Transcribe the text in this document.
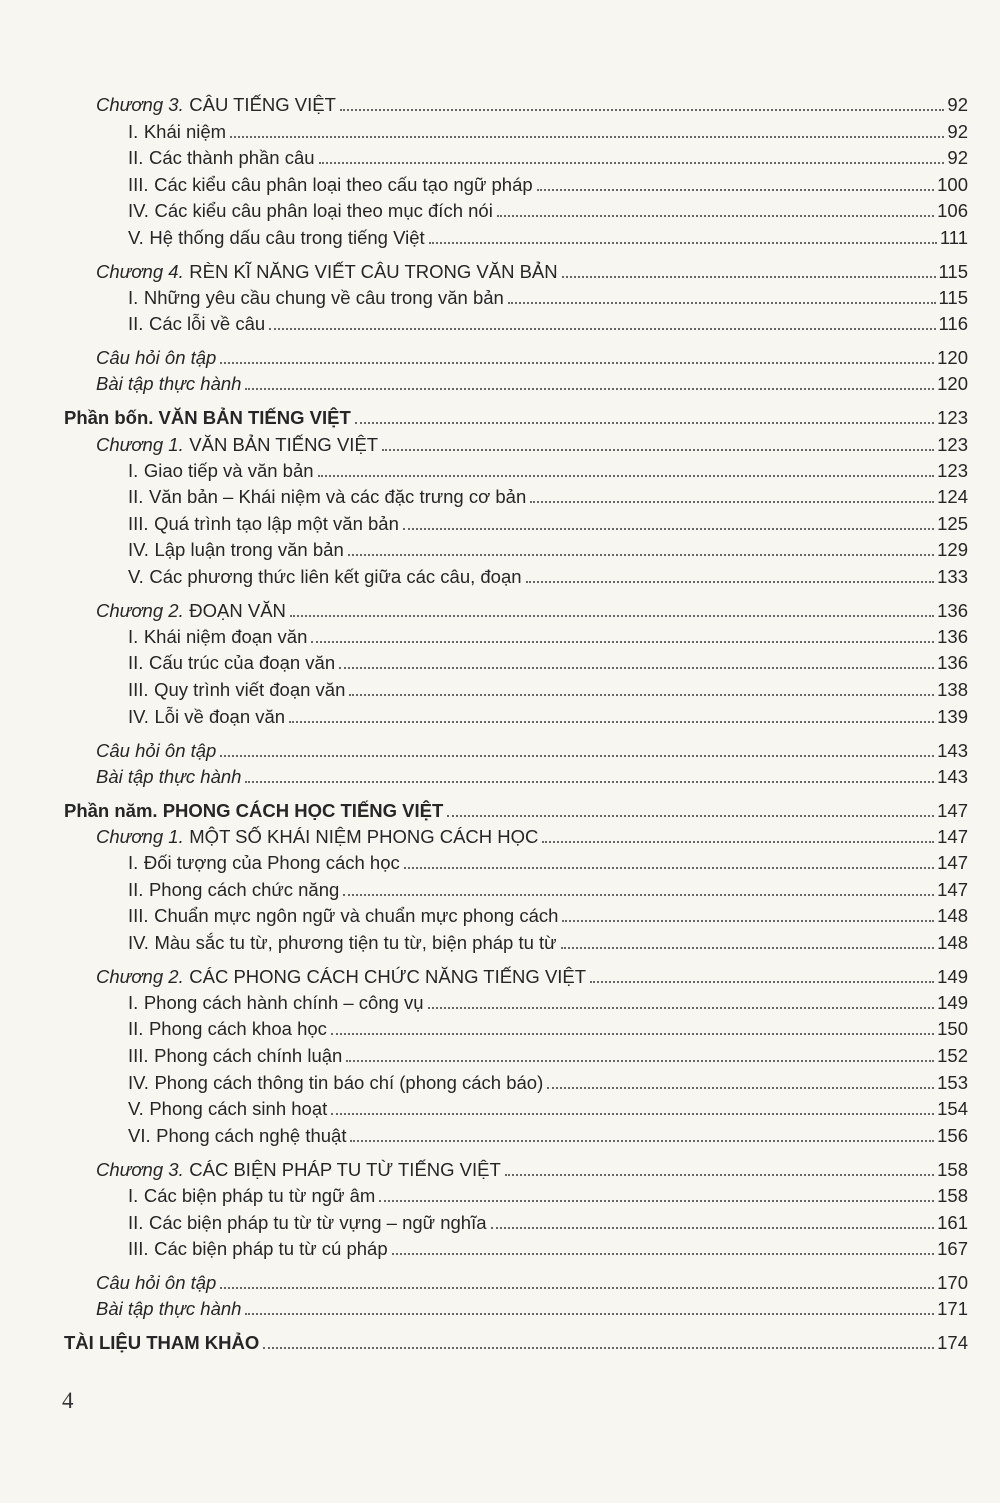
Chương 3. CÂU TIẾNG VIỆT	92
I. Khái niệm	92
II. Các thành phần câu	92
III. Các kiểu câu phân loại theo cấu tạo ngữ pháp	100
IV. Các kiểu câu phân loại theo mục đích nói	106
V. Hệ thống dấu câu trong tiếng Việt	111
Chương 4. RÈN KĨ NĂNG VIẾT CÂU TRONG VĂN BẢN	115
I. Những yêu cầu chung về câu trong văn bản	115
II. Các lỗi về câu	116
Câu hỏi ôn tập	120
Bài tập thực hành	120
Phần bốn. VĂN BẢN TIẾNG VIỆT	123
Chương 1. VĂN BẢN TIẾNG VIỆT	123
I. Giao tiếp và văn bản	123
II. Văn bản – Khái niệm và các đặc trưng cơ bản	124
III. Quá trình tạo lập một văn bản	125
IV. Lập luận trong văn bản	129
V. Các phương thức liên kết giữa các câu, đoạn	133
Chương 2. ĐOẠN VĂN	136
I. Khái niệm đoạn văn	136
II. Cấu trúc của đoạn văn	136
III. Quy trình viết đoạn văn	138
IV. Lỗi về đoạn văn	139
Câu hỏi ôn tập	143
Bài tập thực hành	143
Phần năm. PHONG CÁCH HỌC TIẾNG VIỆT	147
Chương 1. MỘT SỐ KHÁI NIỆM PHONG CÁCH HỌC	147
I. Đối tượng của Phong cách học	147
II. Phong cách chức năng	147
III. Chuẩn mực ngôn ngữ và chuẩn mực phong cách	148
IV. Màu sắc tu từ, phương tiện tu từ, biện pháp tu từ	148
Chương 2. CÁC PHONG CÁCH CHỨC NĂNG TIẾNG VIỆT	149
I. Phong cách hành chính – công vụ	149
II. Phong cách khoa học	150
III. Phong cách chính luận	152
IV. Phong cách thông tin báo chí (phong cách báo)	153
V. Phong cách sinh hoạt	154
VI. Phong cách nghệ thuật	156
Chương 3. CÁC BIỆN PHÁP TU TỪ TIẾNG VIỆT	158
I. Các biện pháp tu từ ngữ âm	158
II. Các biện pháp tu từ từ vựng – ngữ nghĩa	161
III. Các biện pháp tu từ cú pháp	167
Câu hỏi ôn tập	170
Bài tập thực hành	171
TÀI LIỆU THAM KHẢO	174
4
